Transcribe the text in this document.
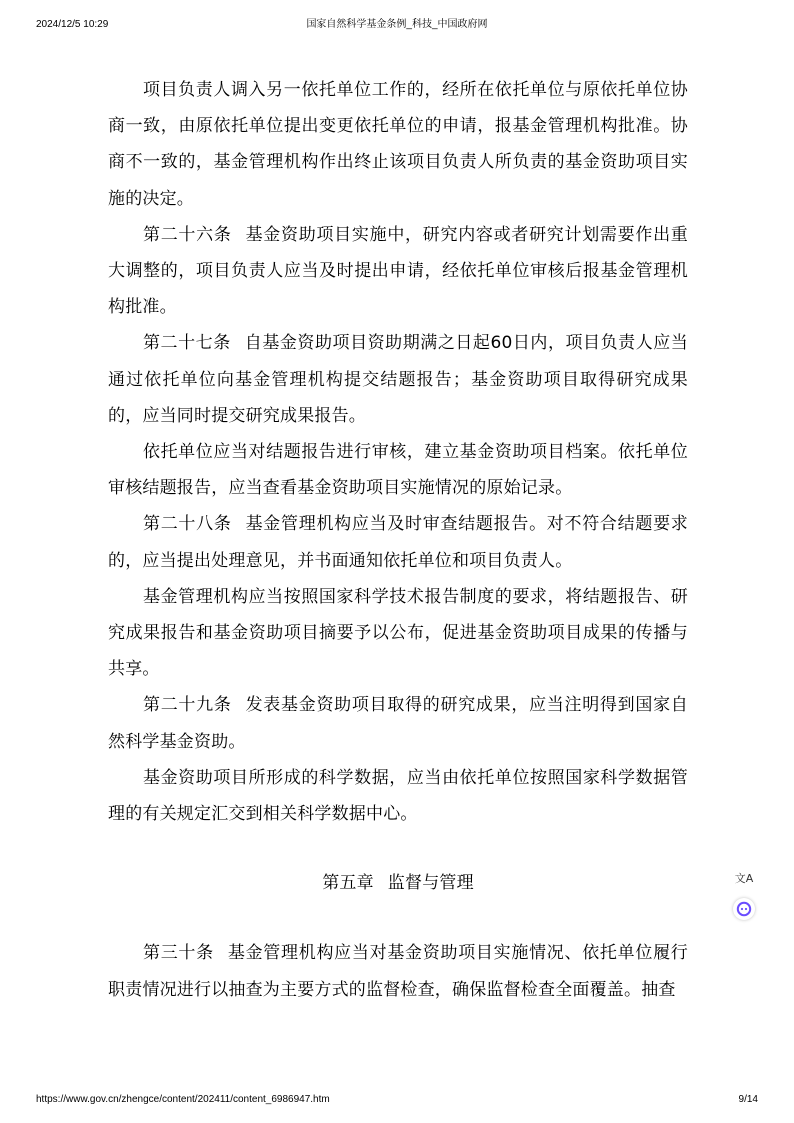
2024/12/5 10:29	国家自然科学基金条例_科技_中国政府网

项目负责人调入另一依托单位工作的，经所在依托单位与原依托单位协商一致，由原依托单位提出变更依托单位的申请，报基金管理机构批准。协商不一致的，基金管理机构作出终止该项目负责人所负责的基金资助项目实施的决定。

第二十六条 基金资助项目实施中，研究内容或者研究计划需要作出重大调整的，项目负责人应当及时提出申请，经依托单位审核后报基金管理机构批准。

第二十七条 自基金资助项目资助期满之日起60日内，项目负责人应当通过依托单位向基金管理机构提交结题报告；基金资助项目取得研究成果的，应当同时提交研究成果报告。

依托单位应当对结题报告进行审核，建立基金资助项目档案。依托单位审核结题报告，应当查看基金资助项目实施情况的原始记录。

第二十八条 基金管理机构应当及时审查结题报告。对不符合结题要求的，应当提出处理意见，并书面通知依托单位和项目负责人。

基金管理机构应当按照国家科学技术报告制度的要求，将结题报告、研究成果报告和基金资助项目摘要予以公布，促进基金资助项目成果的传播与共享。

第二十九条 发表基金资助项目取得的研究成果，应当注明得到国家自然科学基金资助。

基金资助项目所形成的科学数据，应当由依托单位按照国家科学数据管理的有关规定汇交到相关科学数据中心。

第五章 监督与管理

第三十条 基金管理机构应当对基金资助项目实施情况、依托单位履行职责情况进行以抽查为主要方式的监督检查，确保监督检查全面覆盖。抽查

文A
https://www.gov.cn/zhengce/content/202411/content_6986947.htm	9/14
